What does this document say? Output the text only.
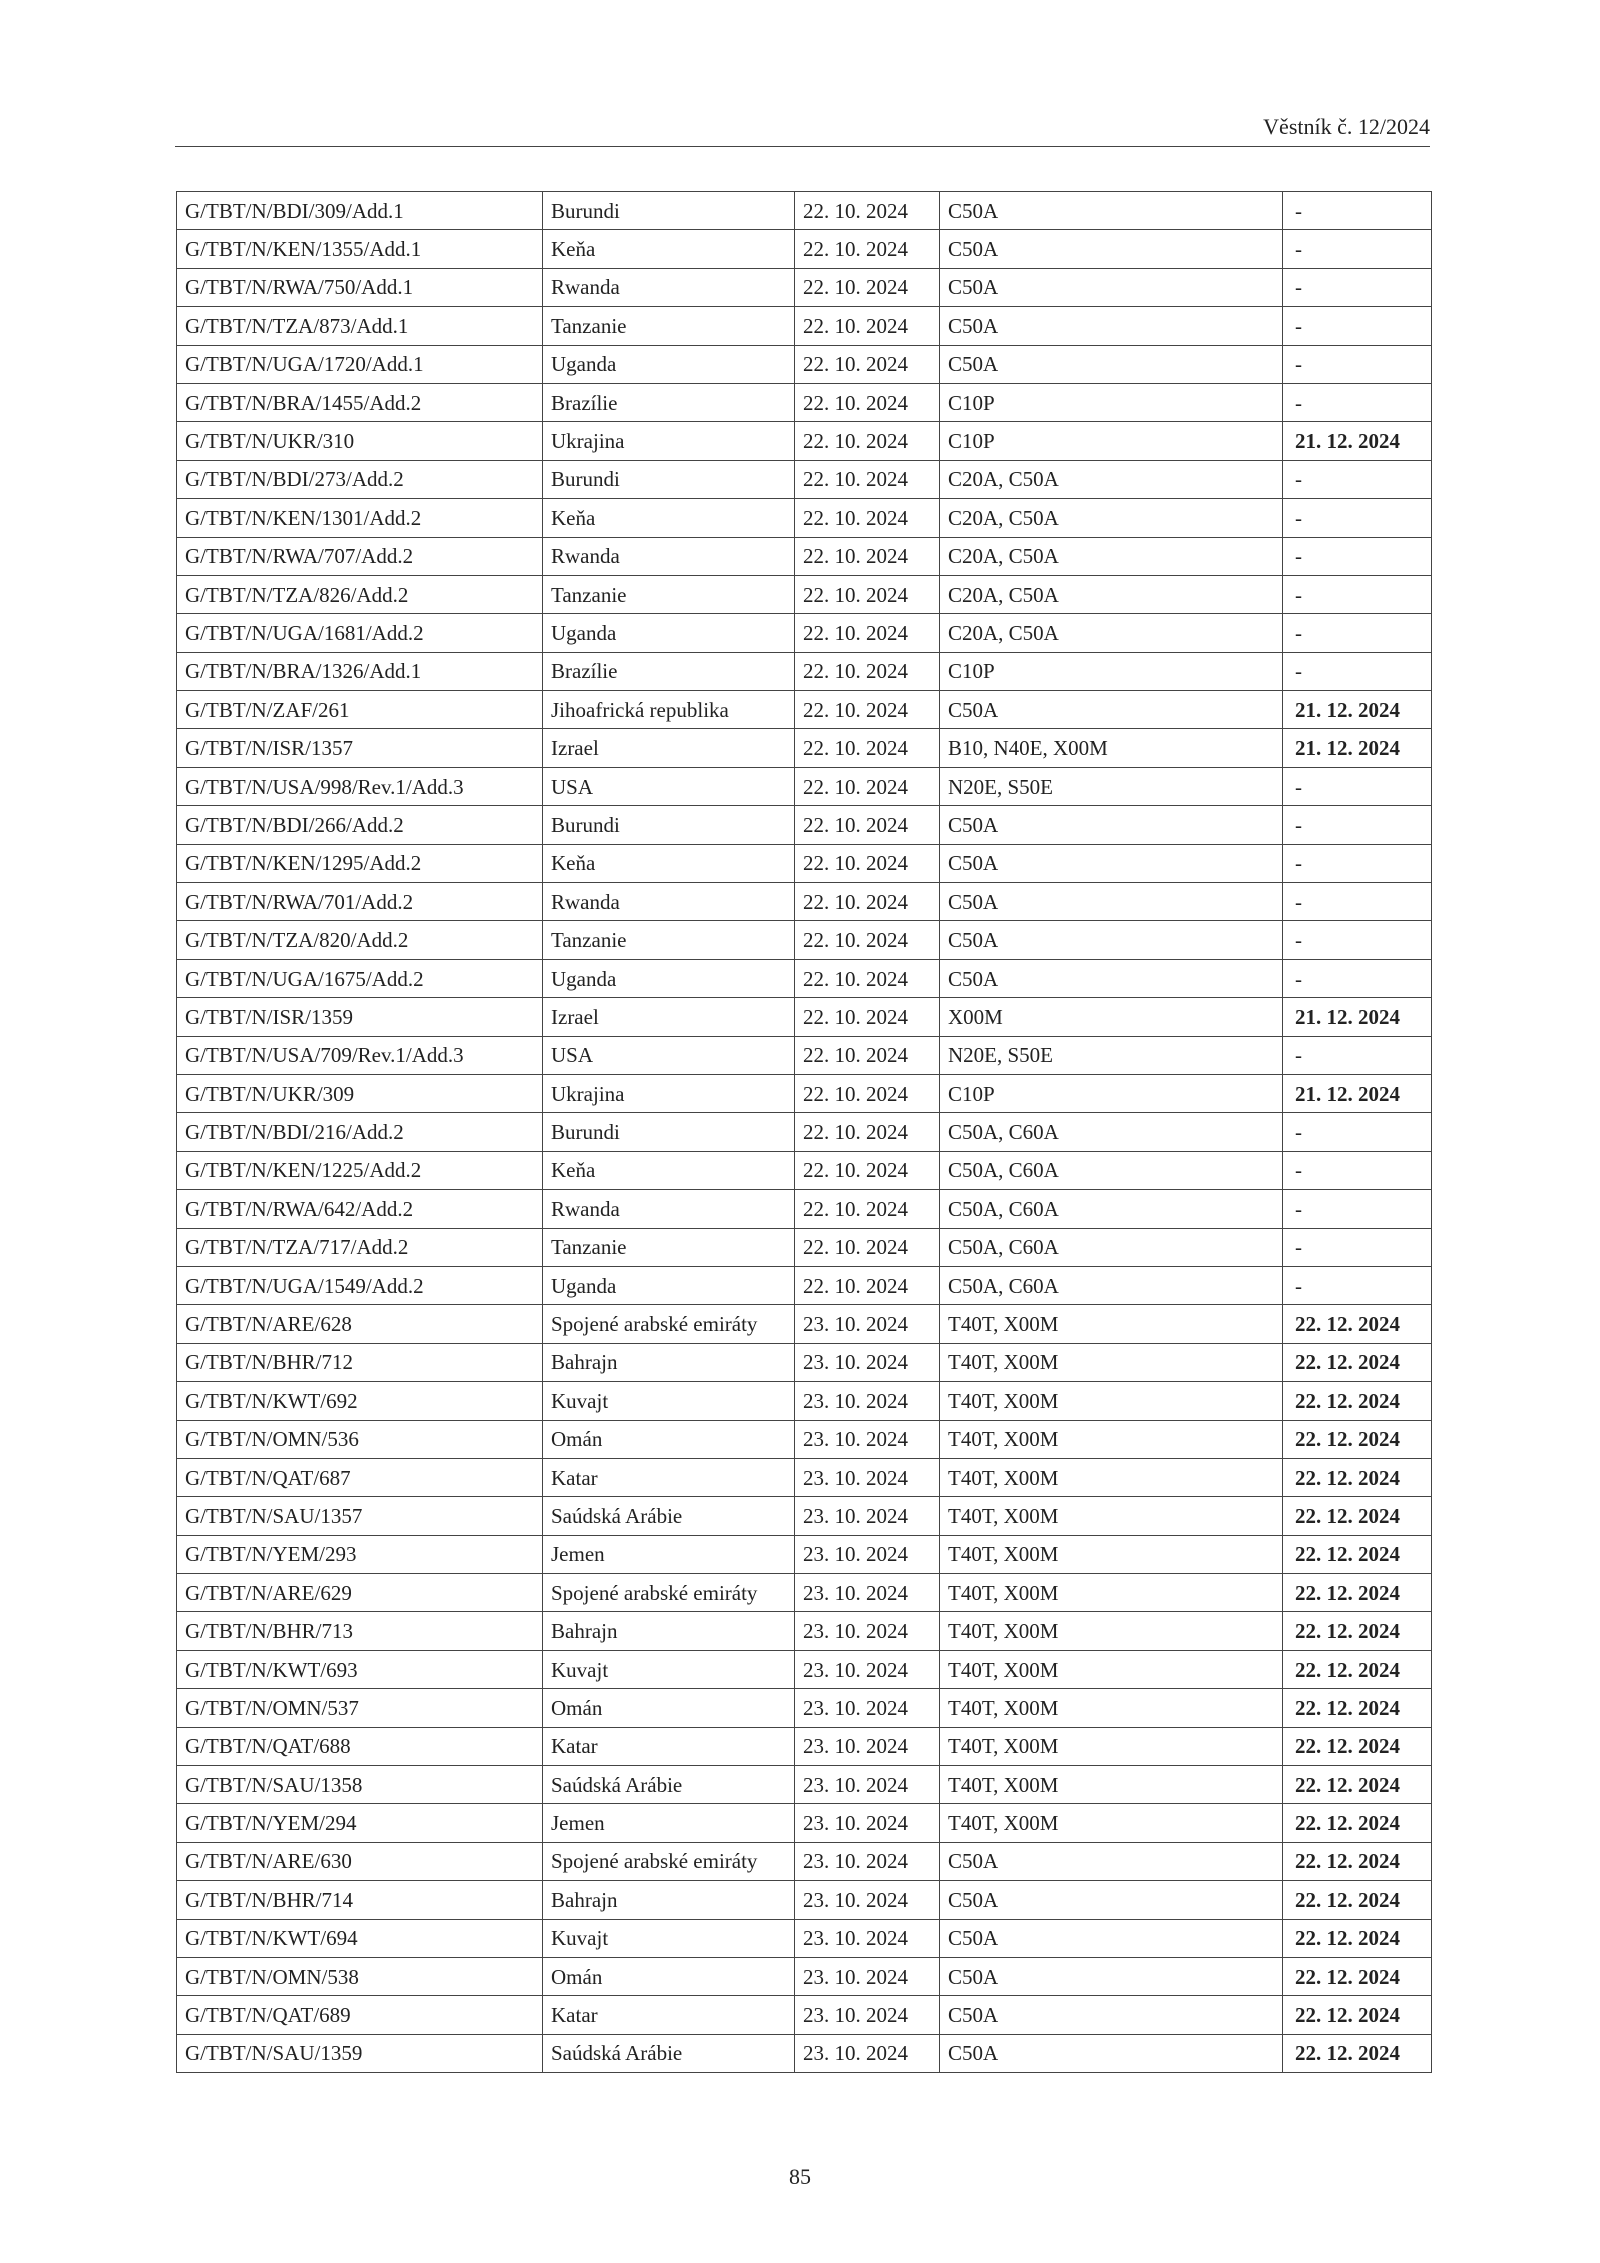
Věstník č. 12/2024
G/TBT/N/BDI/309/Add.1	Burundi	22. 10. 2024	C50A	-
G/TBT/N/KEN/1355/Add.1	Keňa	22. 10. 2024	C50A	-
G/TBT/N/RWA/750/Add.1	Rwanda	22. 10. 2024	C50A	-
G/TBT/N/TZA/873/Add.1	Tanzanie	22. 10. 2024	C50A	-
G/TBT/N/UGA/1720/Add.1	Uganda	22. 10. 2024	C50A	-
G/TBT/N/BRA/1455/Add.2	Brazílie	22. 10. 2024	C10P	-
G/TBT/N/UKR/310	Ukrajina	22. 10. 2024	C10P	21. 12. 2024
G/TBT/N/BDI/273/Add.2	Burundi	22. 10. 2024	C20A, C50A	-
G/TBT/N/KEN/1301/Add.2	Keňa	22. 10. 2024	C20A, C50A	-
G/TBT/N/RWA/707/Add.2	Rwanda	22. 10. 2024	C20A, C50A	-
G/TBT/N/TZA/826/Add.2	Tanzanie	22. 10. 2024	C20A, C50A	-
G/TBT/N/UGA/1681/Add.2	Uganda	22. 10. 2024	C20A, C50A	-
G/TBT/N/BRA/1326/Add.1	Brazílie	22. 10. 2024	C10P	-
G/TBT/N/ZAF/261	Jihoafrická republika	22. 10. 2024	C50A	21. 12. 2024
G/TBT/N/ISR/1357	Izrael	22. 10. 2024	B10, N40E, X00M	21. 12. 2024
G/TBT/N/USA/998/Rev.1/Add.3	USA	22. 10. 2024	N20E, S50E	-
G/TBT/N/BDI/266/Add.2	Burundi	22. 10. 2024	C50A	-
G/TBT/N/KEN/1295/Add.2	Keňa	22. 10. 2024	C50A	-
G/TBT/N/RWA/701/Add.2	Rwanda	22. 10. 2024	C50A	-
G/TBT/N/TZA/820/Add.2	Tanzanie	22. 10. 2024	C50A	-
G/TBT/N/UGA/1675/Add.2	Uganda	22. 10. 2024	C50A	-
G/TBT/N/ISR/1359	Izrael	22. 10. 2024	X00M	21. 12. 2024
G/TBT/N/USA/709/Rev.1/Add.3	USA	22. 10. 2024	N20E, S50E	-
G/TBT/N/UKR/309	Ukrajina	22. 10. 2024	C10P	21. 12. 2024
G/TBT/N/BDI/216/Add.2	Burundi	22. 10. 2024	C50A, C60A	-
G/TBT/N/KEN/1225/Add.2	Keňa	22. 10. 2024	C50A, C60A	-
G/TBT/N/RWA/642/Add.2	Rwanda	22. 10. 2024	C50A, C60A	-
G/TBT/N/TZA/717/Add.2	Tanzanie	22. 10. 2024	C50A, C60A	-
G/TBT/N/UGA/1549/Add.2	Uganda	22. 10. 2024	C50A, C60A	-
G/TBT/N/ARE/628	Spojené arabské emiráty	23. 10. 2024	T40T, X00M	22. 12. 2024
G/TBT/N/BHR/712	Bahrajn	23. 10. 2024	T40T, X00M	22. 12. 2024
G/TBT/N/KWT/692	Kuvajt	23. 10. 2024	T40T, X00M	22. 12. 2024
G/TBT/N/OMN/536	Omán	23. 10. 2024	T40T, X00M	22. 12. 2024
G/TBT/N/QAT/687	Katar	23. 10. 2024	T40T, X00M	22. 12. 2024
G/TBT/N/SAU/1357	Saúdská Arábie	23. 10. 2024	T40T, X00M	22. 12. 2024
G/TBT/N/YEM/293	Jemen	23. 10. 2024	T40T, X00M	22. 12. 2024
G/TBT/N/ARE/629	Spojené arabské emiráty	23. 10. 2024	T40T, X00M	22. 12. 2024
G/TBT/N/BHR/713	Bahrajn	23. 10. 2024	T40T, X00M	22. 12. 2024
G/TBT/N/KWT/693	Kuvajt	23. 10. 2024	T40T, X00M	22. 12. 2024
G/TBT/N/OMN/537	Omán	23. 10. 2024	T40T, X00M	22. 12. 2024
G/TBT/N/QAT/688	Katar	23. 10. 2024	T40T, X00M	22. 12. 2024
G/TBT/N/SAU/1358	Saúdská Arábie	23. 10. 2024	T40T, X00M	22. 12. 2024
G/TBT/N/YEM/294	Jemen	23. 10. 2024	T40T, X00M	22. 12. 2024
G/TBT/N/ARE/630	Spojené arabské emiráty	23. 10. 2024	C50A	22. 12. 2024
G/TBT/N/BHR/714	Bahrajn	23. 10. 2024	C50A	22. 12. 2024
G/TBT/N/KWT/694	Kuvajt	23. 10. 2024	C50A	22. 12. 2024
G/TBT/N/OMN/538	Omán	23. 10. 2024	C50A	22. 12. 2024
G/TBT/N/QAT/689	Katar	23. 10. 2024	C50A	22. 12. 2024
G/TBT/N/SAU/1359	Saúdská Arábie	23. 10. 2024	C50A	22. 12. 2024
85
